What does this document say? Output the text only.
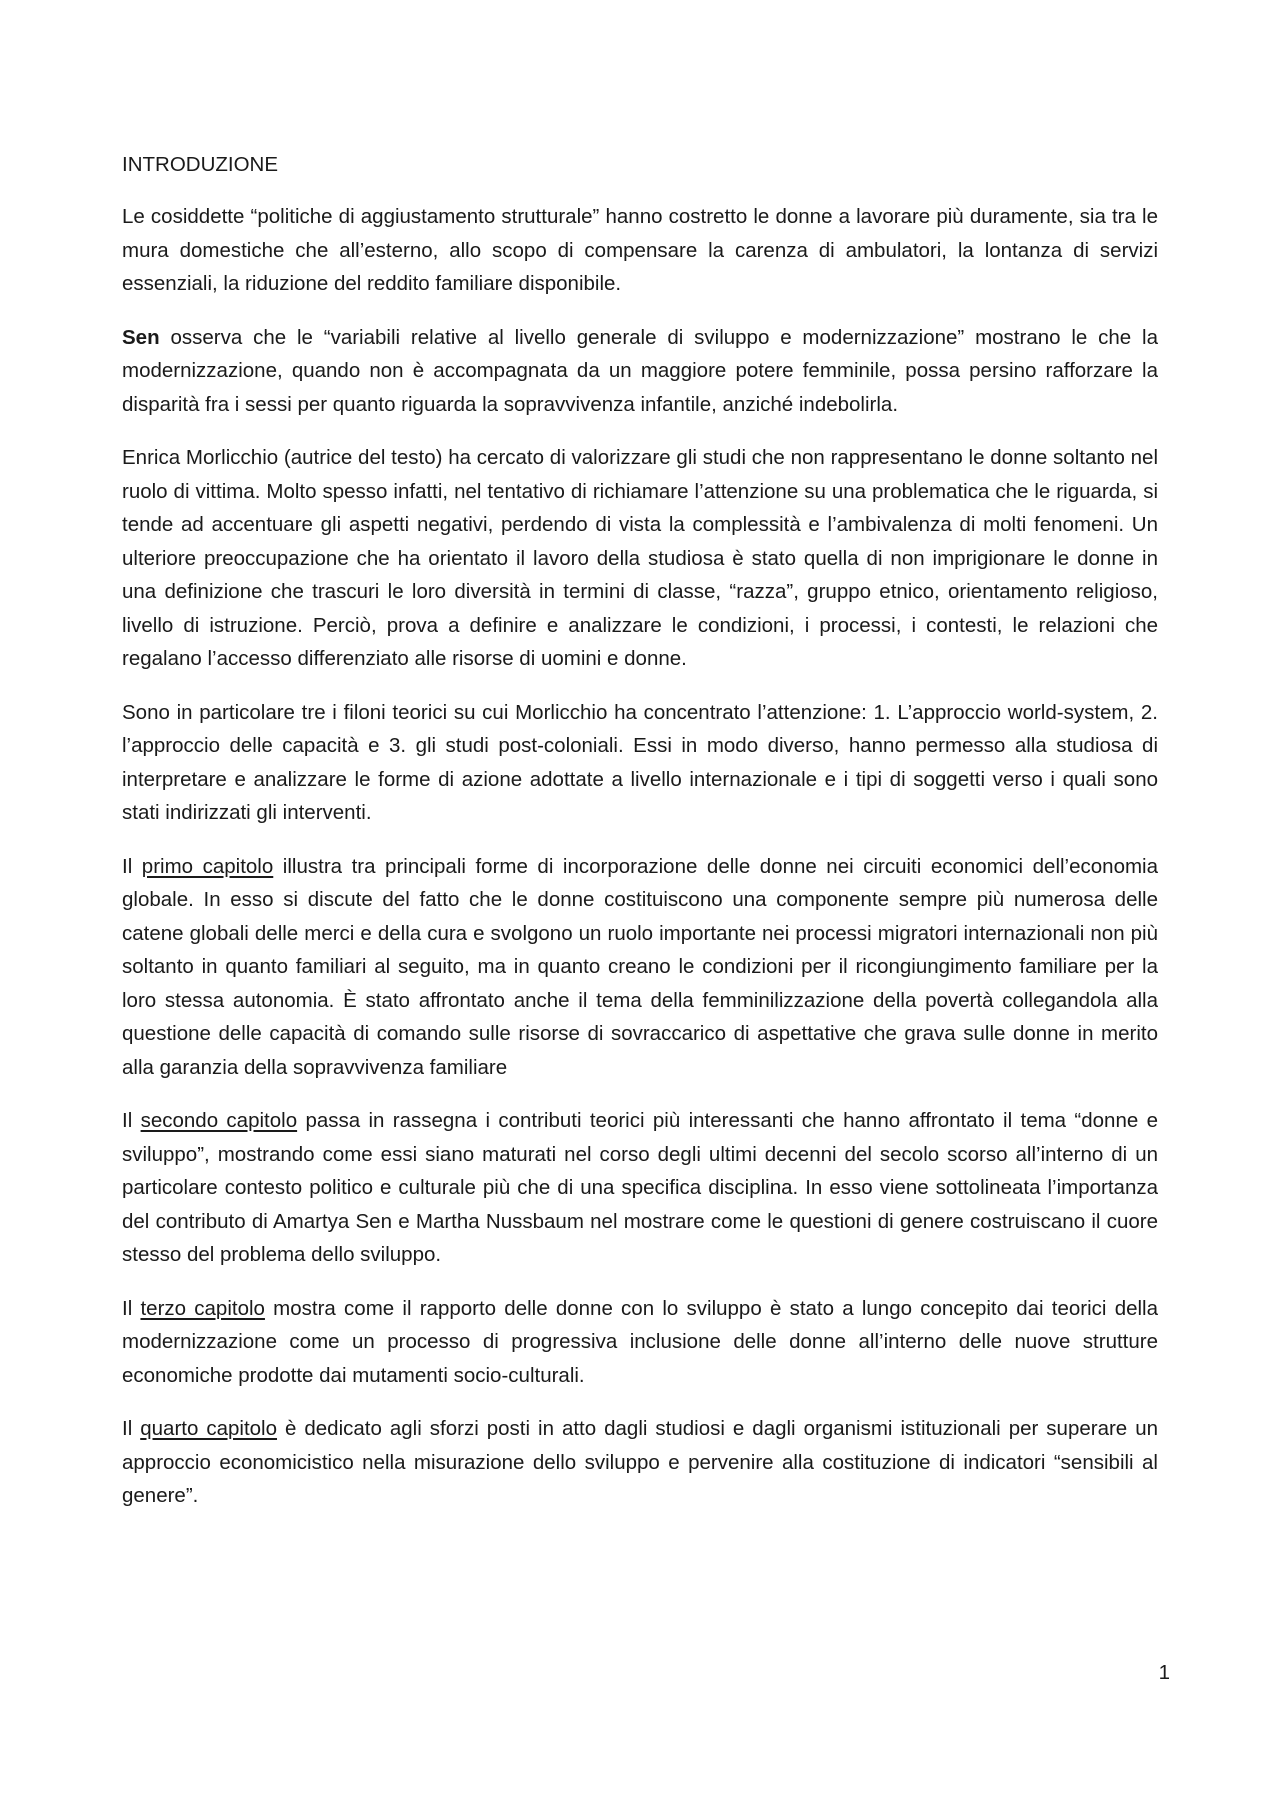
INTRODUZIONE

Le cosiddette “politiche di aggiustamento strutturale” hanno costretto le donne a lavorare più duramente, sia tra le mura domestiche che all’esterno, allo scopo di compensare la carenza di ambulatori, la lontanza di servizi essenziali, la riduzione del reddito familiare disponibile.

Sen osserva che le “variabili relative al livello generale di sviluppo e modernizzazione” mostrano le che la modernizzazione, quando non è accompagnata da un maggiore potere femminile, possa persino rafforzare la disparità fra i sessi per quanto riguarda la sopravvivenza infantile, anziché indebolirla.

Enrica Morlicchio (autrice del testo) ha cercato di valorizzare gli studi che non rappresentano le donne soltanto nel ruolo di vittima. Molto spesso infatti, nel tentativo di richiamare l’attenzione su una problematica che le riguarda, si tende ad accentuare gli aspetti negativi, perdendo di vista la complessità e l’ambivalenza di molti fenomeni. Un ulteriore preoccupazione che ha orientato il lavoro della studiosa è stato quella di non imprigionare le donne in una definizione che trascuri le loro diversità in termini di classe, “razza”, gruppo etnico, orientamento religioso, livello di istruzione. Perciò, prova a definire e analizzare le condizioni, i processi, i contesti, le relazioni che regalano l’accesso differenziato alle risorse di uomini e donne.

Sono in particolare tre i filoni teorici su cui Morlicchio ha concentrato l’attenzione: 1. L’approccio world-system, 2. l’approccio delle capacità e 3. gli studi post-coloniali. Essi in modo diverso, hanno permesso alla studiosa di interpretare e analizzare le forme di azione adottate a livello internazionale e i tipi di soggetti verso i quali sono stati indirizzati gli interventi.

Il primo capitolo illustra tra principali forme di incorporazione delle donne nei circuiti economici dell’economia globale. In esso si discute del fatto che le donne costituiscono una componente sempre più numerosa delle catene globali delle merci e della cura e svolgono un ruolo importante nei processi migratori internazionali non più soltanto in quanto familiari al seguito, ma in quanto creano le condizioni per il ricongiungimento familiare per la loro stessa autonomia. È stato affrontato anche il tema della femminilizzazione della povertà collegandola alla questione delle capacità di comando sulle risorse di sovraccarico di aspettative che grava sulle donne in merito alla garanzia della sopravvivenza familiare

Il secondo capitolo passa in rassegna i contributi teorici più interessanti che hanno affrontato il tema “donne e sviluppo”, mostrando come essi siano maturati nel corso degli ultimi decenni del secolo scorso all’interno di un particolare contesto politico e culturale più che di una specifica disciplina. In esso viene sottolineata l’importanza del contributo di Amartya Sen e Martha Nussbaum nel mostrare come le questioni di genere costruiscano il cuore stesso del problema dello sviluppo.

Il terzo capitolo mostra come il rapporto delle donne con lo sviluppo è stato a lungo concepito dai teorici della modernizzazione come un processo di progressiva inclusione delle donne all’interno delle nuove strutture economiche prodotte dai mutamenti socio-culturali.

Il quarto capitolo è dedicato agli sforzi posti in atto dagli studiosi e dagli organismi istituzionali per superare un approccio economicistico nella misurazione dello sviluppo e pervenire alla costituzione di indicatori “sensibili al genere”.

1
